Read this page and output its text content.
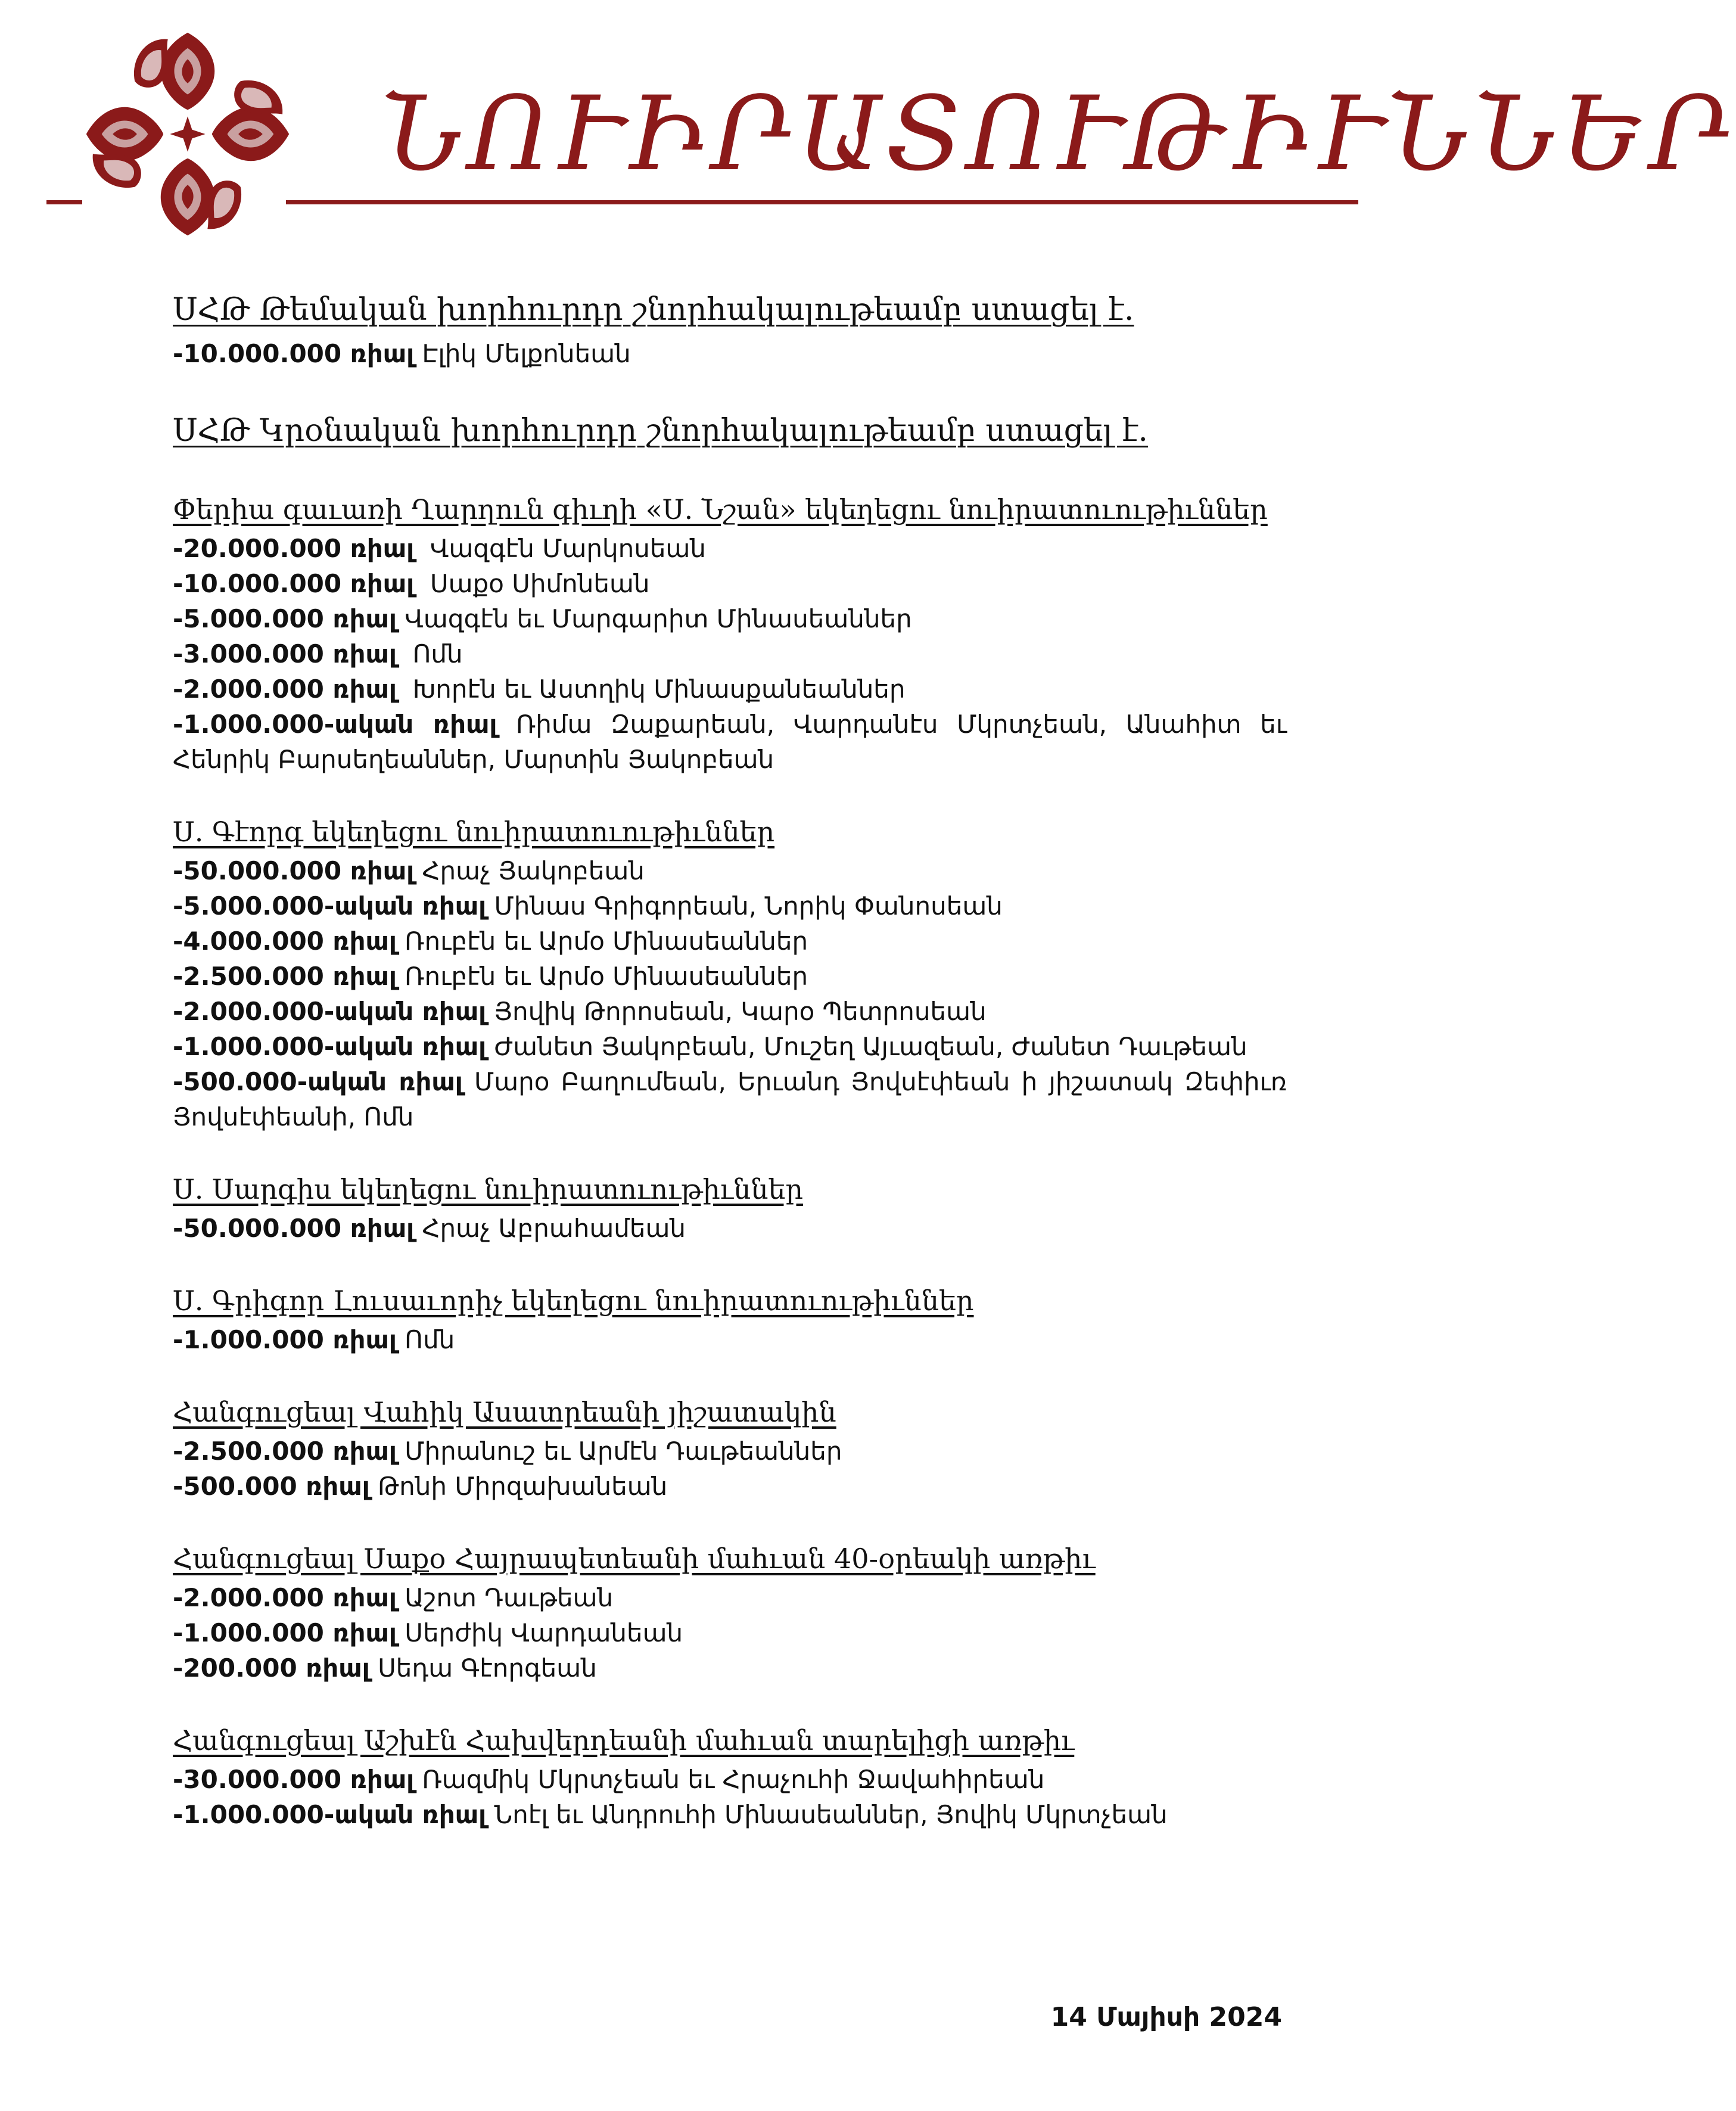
ՆՈՒԻՐԱՏՈՒԹԻՒՆՆԵՐ
ՍՀԹ Թեմական խորհուրդը շնորհակալութեամբ ստացել է.
-10.000.000 ռիալ Էլիկ Մելքոնեան
ՍՀԹ Կրօնական խորհուրդը շնորհակալութեամբ ստացել է.
Փերիա գաւառի Ղարղուն գիւղի «Ս. Նշան» եկեղեցու նուիրատուութիւններ
-20.000.000 ռիալ  Վազգէն Մարկոսեան
-10.000.000 ռիալ  Սաքօ Սիմոնեան
-5.000.000 ռիալ Վազգէն եւ Մարգարիտ Մինասեաններ
-3.000.000 ռիալ  Ոմն
-2.000.000 ռիալ  Խորէն եւ Աստղիկ Մինասքանեաններ
-1.000.000-ական ռիալ Ռիմա Զաքարեան, Վարդանէս Մկրտչեան, Անահիտ եւ Հենրիկ Բարսեղեաններ, Մարտին Յակոբեան
Ս. Գէորգ եկեղեցու նուիրատուութիւններ
-50.000.000 ռիալ Հրաչ Յակոբեան
-5.000.000-ական ռիալ Մինաս Գրիգորեան, Նորիկ Փանոսեան
-4.000.000 ռիալ Ռուբէն եւ Արմօ Մինասեաններ
-2.500.000 ռիալ Ռուբէն եւ Արմօ Մինասեաններ
-2.000.000-ական ռիալ Յովիկ Թորոսեան, Կարօ Պետրոսեան
-1.000.000-ական ռիալ Ժանետ Յակոբեան, Մուշեղ Այւազեան, Ժանետ Դաւթեան
-500.000-ական ռիալ Մարօ Բաղումեան, Երւանդ Յովսէփեան ի յիշատակ Զեփիւռ Յովսէփեանի, Ոմն
Ս. Սարգիս եկեղեցու նուիրատուութիւններ
-50.000.000 ռիալ Հրաչ Աբրահամեան
Ս. Գրիգոր Լուսաւորիչ եկեղեցու նուիրատուութիւններ
-1.000.000 ռիալ Ոմն
Հանգուցեալ Վահիկ Ասատրեանի յիշատակին
-2.500.000 ռիալ Միրանուշ եւ Արմէն Դաւթեաններ
-500.000 ռիալ Թոնի Միրզախանեան
Հանգուցեալ Սաքօ Հայրապետեանի մահւան 40-օրեակի առթիւ
-2.000.000 ռիալ Աշոտ Դաւթեան
-1.000.000 ռիալ Սերժիկ Վարդանեան
-200.000 ռիալ Սեդա Գէորգեան
Հանգուցեալ Աշխէն Հախվերդեանի մահւան տարելիցի առթիւ
-30.000.000 ռիալ Ռազմիկ Մկրտչեան եւ Հրաչուհի Ջավահիրեան
-1.000.000-ական ռիալ Նոէլ եւ Անդրուհի Մինասեաններ, Յովիկ Մկրտչեան
14 Մայիսի 2024
